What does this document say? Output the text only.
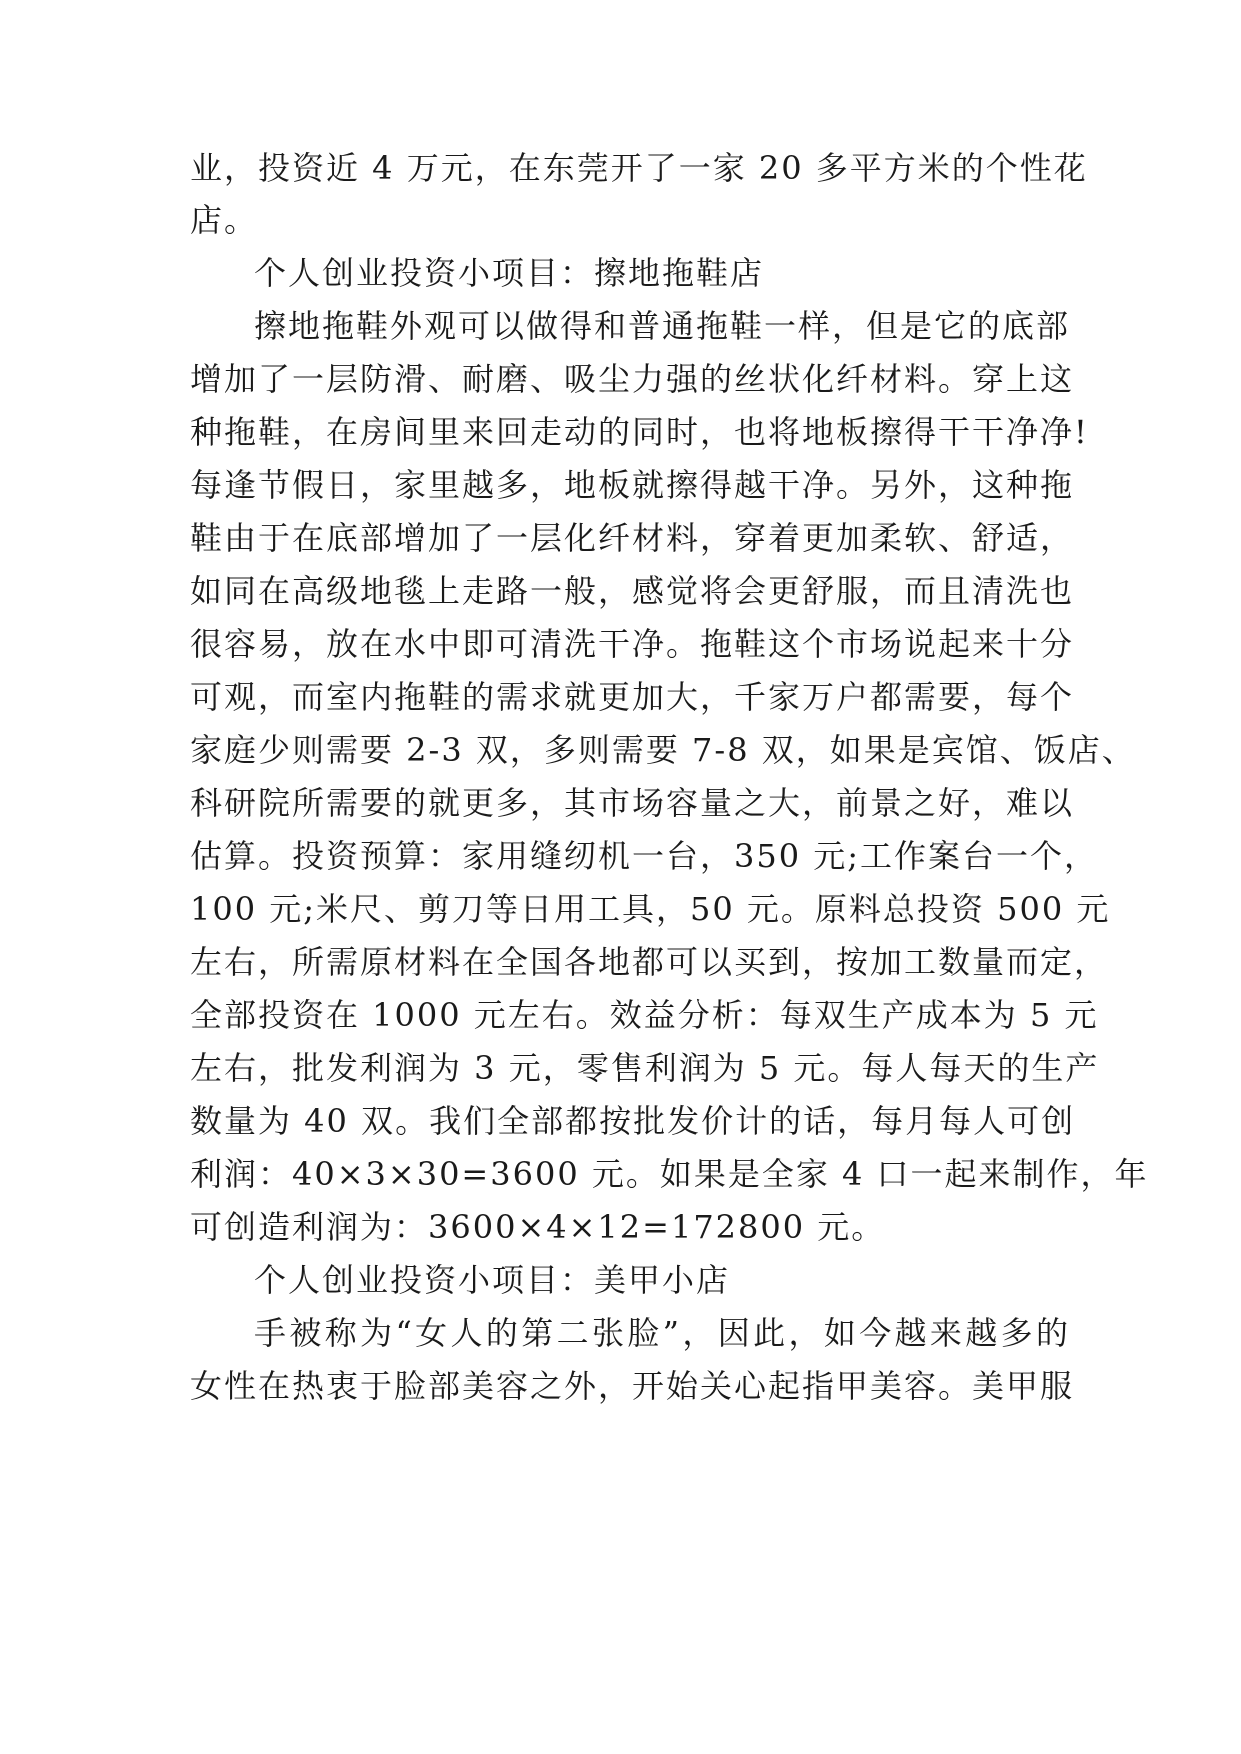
业，投资近 4 万元，在东莞开了一家 20 多平方米的个性花
店。
个人创业投资小项目：擦地拖鞋店
擦地拖鞋外观可以做得和普通拖鞋一样，但是它的底部
增加了一层防滑、耐磨、吸尘力强的丝状化纤材料。穿上这
种拖鞋，在房间里来回走动的同时，也将地板擦得干干净净!
每逢节假日，家里越多，地板就擦得越干净。另外，这种拖
鞋由于在底部增加了一层化纤材料，穿着更加柔软、舒适，
如同在高级地毯上走路一般，感觉将会更舒服，而且清洗也
很容易，放在水中即可清洗干净。拖鞋这个市场说起来十分
可观，而室内拖鞋的需求就更加大，千家万户都需要，每个
家庭少则需要 2-3 双，多则需要 7-8 双，如果是宾馆、饭店、
科研院所需要的就更多，其市场容量之大，前景之好，难以
估算。投资预算：家用缝纫机一台，350 元;工作案台一个，
100 元;米尺、剪刀等日用工具，50 元。原料总投资 500 元
左右，所需原材料在全国各地都可以买到，按加工数量而定，
全部投资在 1000 元左右。效益分析：每双生产成本为 5 元
左右，批发利润为 3 元，零售利润为 5 元。每人每天的生产
数量为 40 双。我们全部都按批发价计的话，每月每人可创
利润：40×3×30=3600 元。如果是全家 4 口一起来制作，年
可创造利润为：3600×4×12=172800 元。
个人创业投资小项目：美甲小店
手被称为“女人的第二张脸”，因此，如今越来越多的
女性在热衷于脸部美容之外，开始关心起指甲美容。美甲服
